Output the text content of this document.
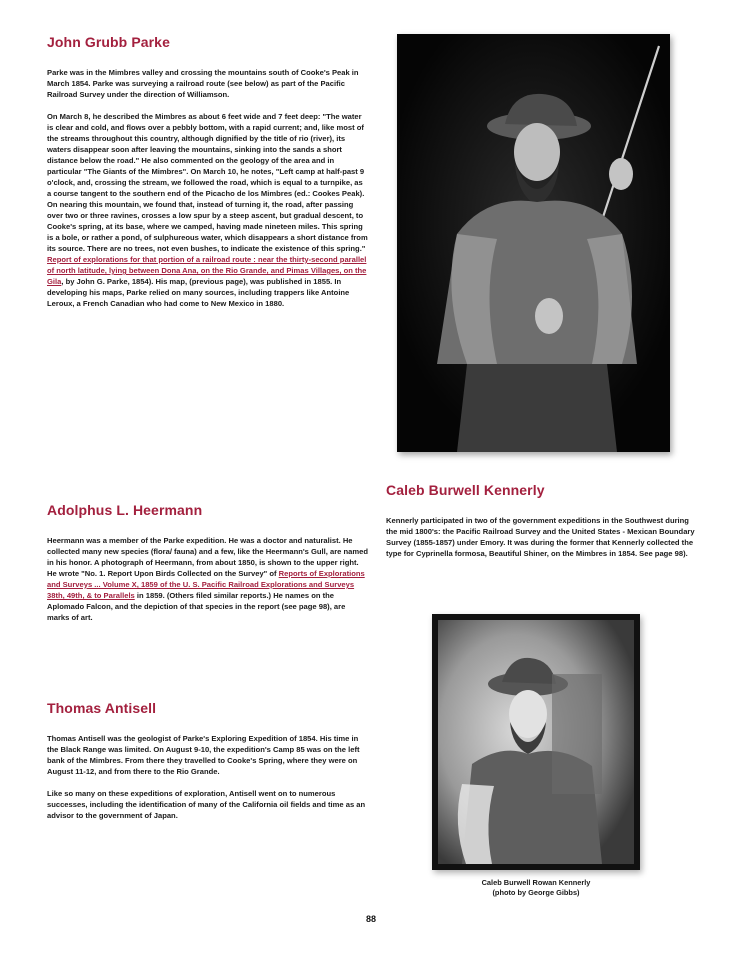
John Grubb Parke

Parke was in the Mimbres valley and crossing the mountains south of Cooke's Peak in March 1854. Parke was surveying a railroad route (see below) as part of the Pacific Railroad Survey under the direction of Williamson.

On March 8, he described the Mimbres as about 6 feet wide and 7 feet deep: "The water is clear and cold, and flows over a pebbly bottom, with a rapid current; and, like most of the streams throughout this country, although dignified by the title of rio (river), its waters disappear soon after leaving the mountains, sinking into the sands a short distance below the road." He also commented on the geology of the area and in particular "The Giants of the Mimbres". On March 10, he notes, "Left camp at half-past 9 o'clock, and, crossing the stream, we followed the road, which is equal to a turnpike, as a course tangent to the southern end of the Picacho de los Mimbres (ed.: Cookes Peak). On nearing this mountain, we found that, instead of turning it, the road, after passing over two or three ravines, crosses a low spur by a steep ascent, but gradual descent, to Cooke's spring, at its base, where we camped, having made nineteen miles. This spring is a bole, or rather a pond, of sulphureous water, which disappears a short distance from its source. There are no trees, not even bushes, to indicate the existence of this spring." Report of explorations for that portion of a railroad route : near the thirty-second parallel of north latitude, lying between Dona Ana, on the Rio Grande, and Pimas Villages, on the Gila, by John G. Parke, 1854). His map, (previous page), was published in 1855. In developing his maps, Parke relied on many sources, including trappers like Antoine Leroux, a French Canadian who had come to New Mexico in 1880.

Adolphus L. Heermann

Heermann was a member of the Parke expedition. He was a doctor and naturalist. He collected many new species (flora/ fauna) and a few, like the Heermann's Gull, are named in his honor. A photograph of Heermann, from about 1850, is shown to the upper right. He wrote "No. 1. Report Upon Birds Collected on the Survey" of Reports of Explorations and Surveys ... Volume X, 1859 of the U. S. Pacific Railroad Explorations and Surveys 38th, 49th, & to Parallels in 1859. (Others filed similar reports.) He names on the Aplomado Falcon, and the depiction of that species in the report (see page 98), are marks of art.

Thomas Antisell

Thomas Antisell was the geologist of Parke's Exploring Expedition of 1854. His time in the Black Range was limited. On August 9-10, the expedition's Camp 85 was on the left bank of the Mimbres. From there they travelled to Cooke's Spring, where they were on August 11-12, and from there to the Rio Grande.

Like so many on these expeditions of exploration, Antisell went on to numerous successes, including the identification of many of the California oil fields and time as an advisor to the government of Japan.

Caleb Burwell Kennerly

Kennerly participated in two of the government expeditions in the Southwest during the mid 1800's: the Pacific Railroad Survey and the United States - Mexican Boundary Survey (1855-1857) under Emory. It was during the former that Kennerly collected the type for Cyprinella formosa, Beautiful Shiner, on the Mimbres in 1854. See page 98).

Caleb Burwell Rowan Kennerly
(photo by George Gibbs)
88
